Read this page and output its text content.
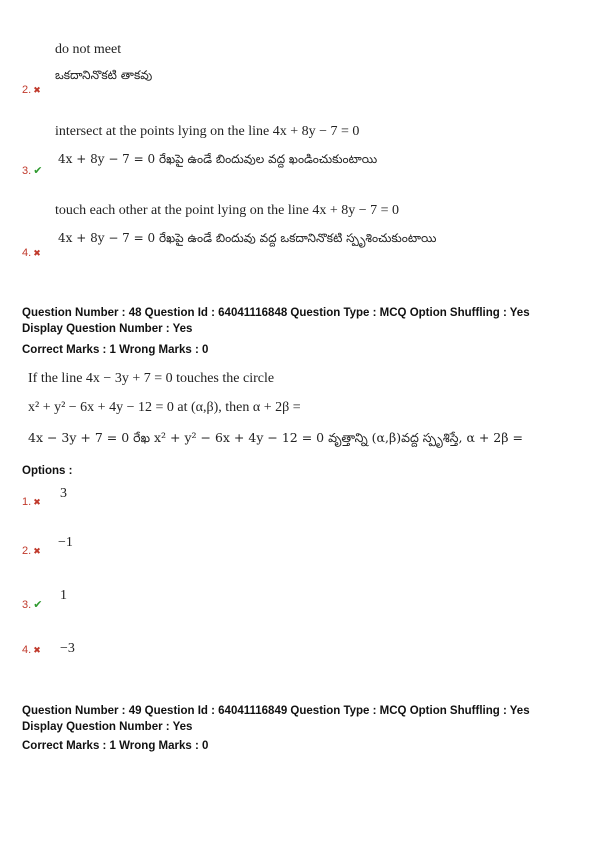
do not meet
ఒకదానినొకటి తాకవు
2. ✖
intersect at the points lying on the line 4x + 8y − 7 = 0
4x + 8y − 7 = 0 రేఖపై ఉండే బిందువుల వద్ద ఖండించుకుంటాయి
3. ✔
touch each other at the point lying on the line 4x + 8y − 7 = 0
4x + 8y − 7 = 0 రేఖపై ఉండే బిందువు వద్ద ఒకదానినొకటి స్పృశించుకుంటాయి
4. ✖
Question Number : 48 Question Id : 64041116848 Question Type : MCQ Option Shuffling : Yes
Display Question Number : Yes
Correct Marks : 1 Wrong Marks : 0
If the line 4x − 3y + 7 = 0 touches the circle
x² + y² − 6x + 4y − 12 = 0 at (α,β), then α + 2β =
4x − 3y + 7 = 0 రేఖ x² + y² − 6x + 4y − 12 = 0 వృత్తాన్ని (α,β)వద్ద స్పృశిస్తే, α + 2β =
Options :
1. ✖
3
2. ✖
−1
3. ✔
1
4. ✖ −3
Question Number : 49 Question Id : 64041116849 Question Type : MCQ Option Shuffling : Yes
Display Question Number : Yes
Correct Marks : 1 Wrong Marks : 0
